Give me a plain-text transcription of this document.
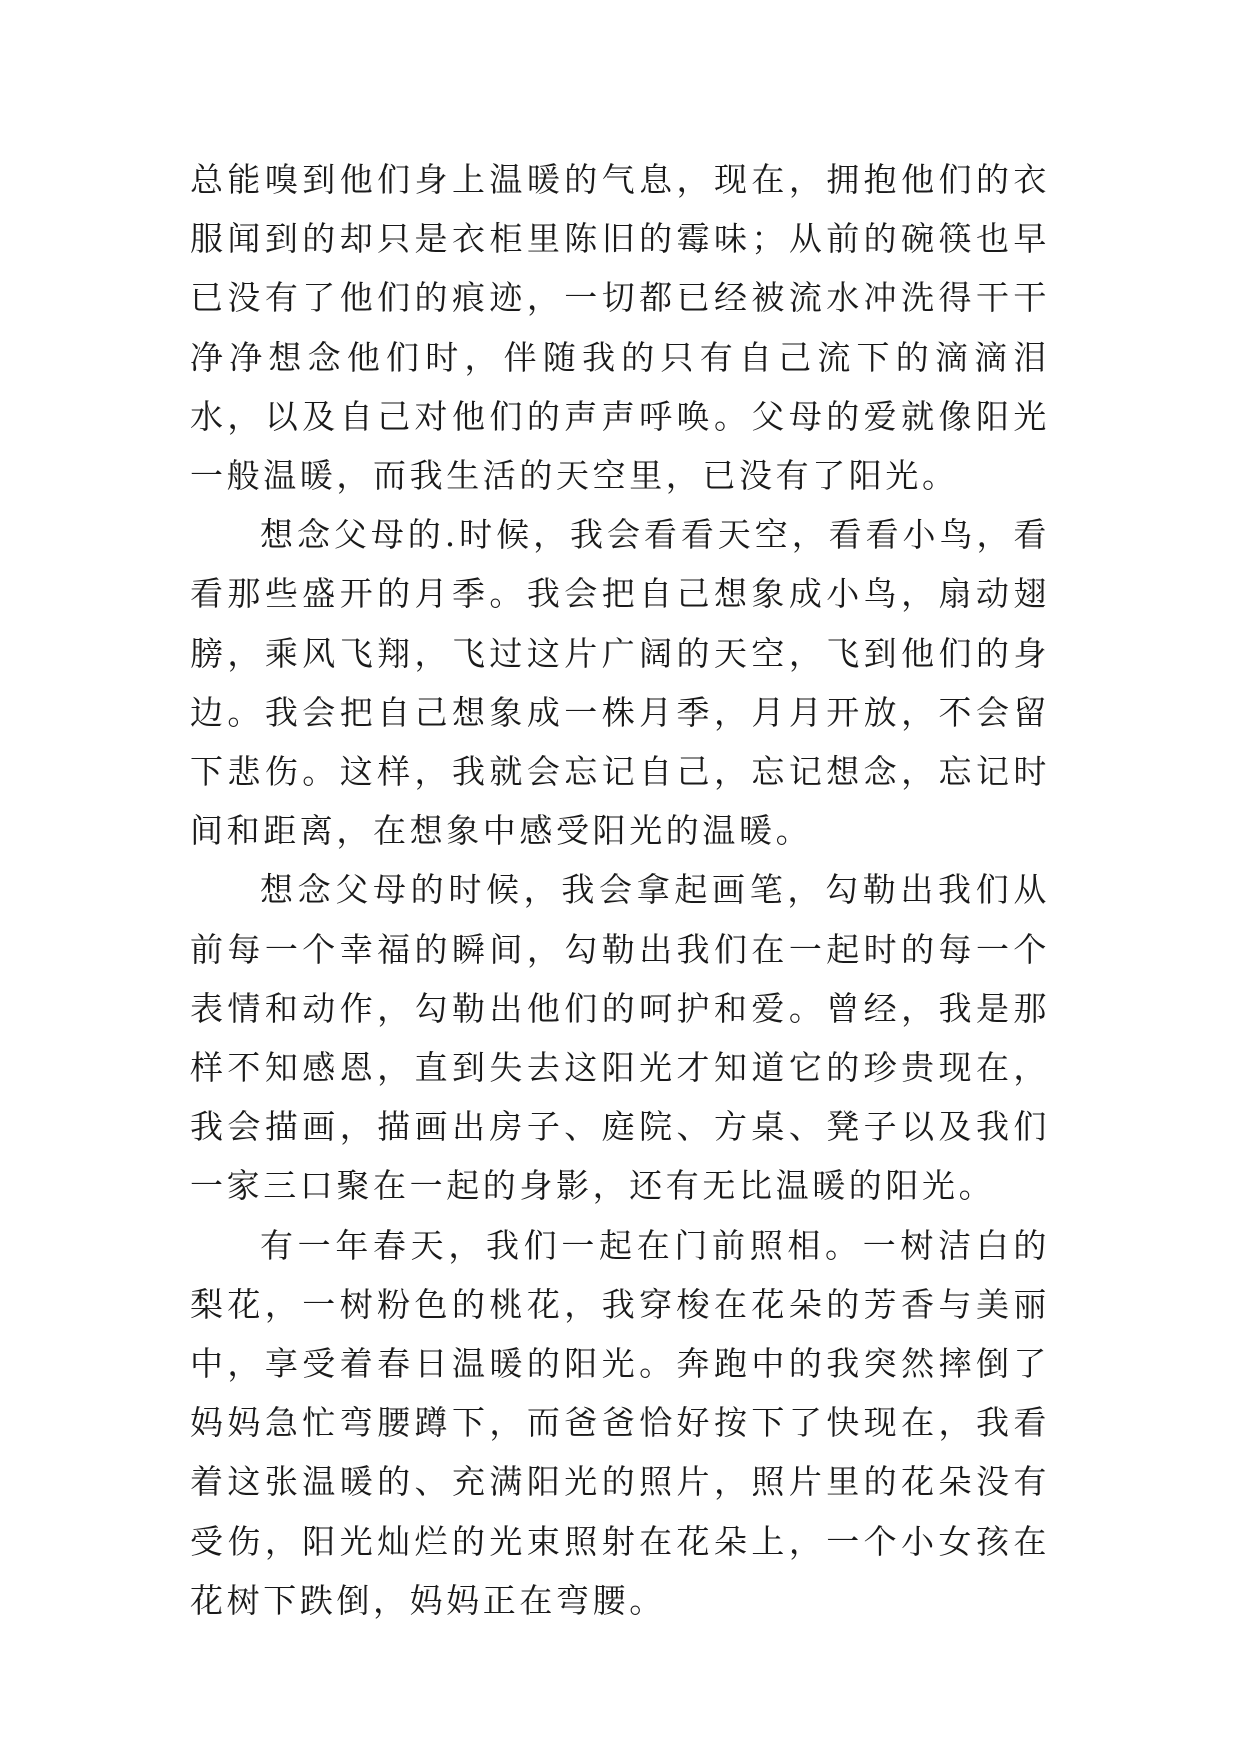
总能嗅到他们身上温暖的气息，现在，拥抱他们的衣服闻到的却只是衣柜里陈旧的霉味；从前的碗筷也早已没有了他们的痕迹，一切都已经被流水冲洗得干干净净想念他们时，伴随我的只有自己流下的滴滴泪水，以及自己对他们的声声呼唤。父母的爱就像阳光一般温暖，而我生活的天空里，已没有了阳光。

想念父母的.时候，我会看看天空，看看小鸟，看看那些盛开的月季。我会把自己想象成小鸟，扇动翅膀，乘风飞翔，飞过这片广阔的天空，飞到他们的身边。我会把自己想象成一株月季，月月开放，不会留下悲伤。这样，我就会忘记自己，忘记想念，忘记时间和距离，在想象中感受阳光的温暖。

想念父母的时候，我会拿起画笔，勾勒出我们从前每一个幸福的瞬间，勾勒出我们在一起时的每一个表情和动作，勾勒出他们的呵护和爱。曾经，我是那样不知感恩，直到失去这阳光才知道它的珍贵现在，我会描画，描画出房子、庭院、方桌、凳子以及我们一家三口聚在一起的身影，还有无比温暖的阳光。

有一年春天，我们一起在门前照相。一树洁白的梨花，一树粉色的桃花，我穿梭在花朵的芳香与美丽中，享受着春日温暖的阳光。奔跑中的我突然摔倒了妈妈急忙弯腰蹲下，而爸爸恰好按下了快现在，我看着这张温暖的、充满阳光的照片，照片里的花朵没有受伤，阳光灿烂的光束照射在花朵上，一个小女孩在花树下跌倒，妈妈正在弯腰。
